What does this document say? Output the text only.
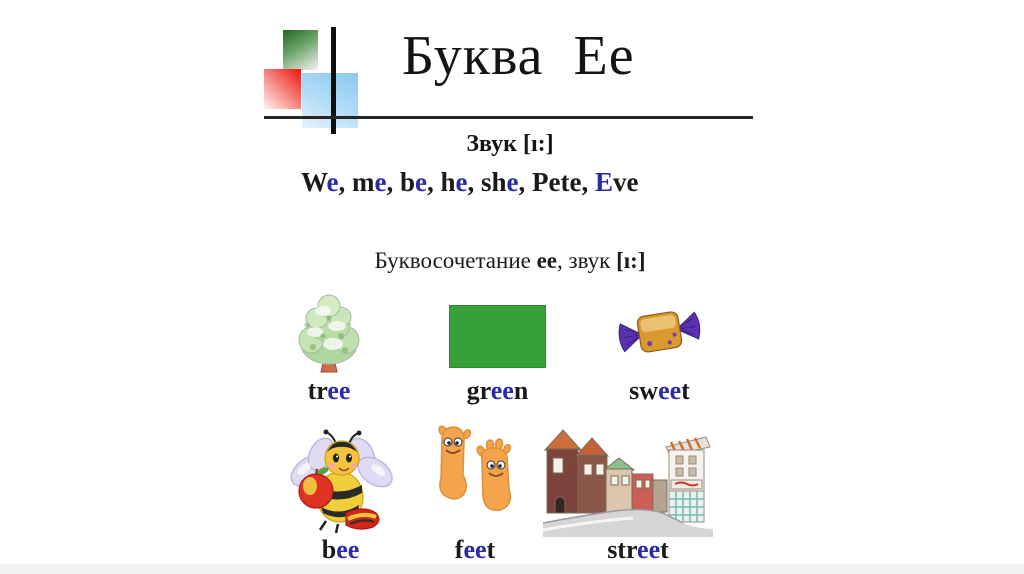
Буква  Ее
Звук [ı:]
We, me, be, he, she, Pete, Eve
Буквосочетание ее, звук [ı:]
tree	green	sweet
bee	feet	street
